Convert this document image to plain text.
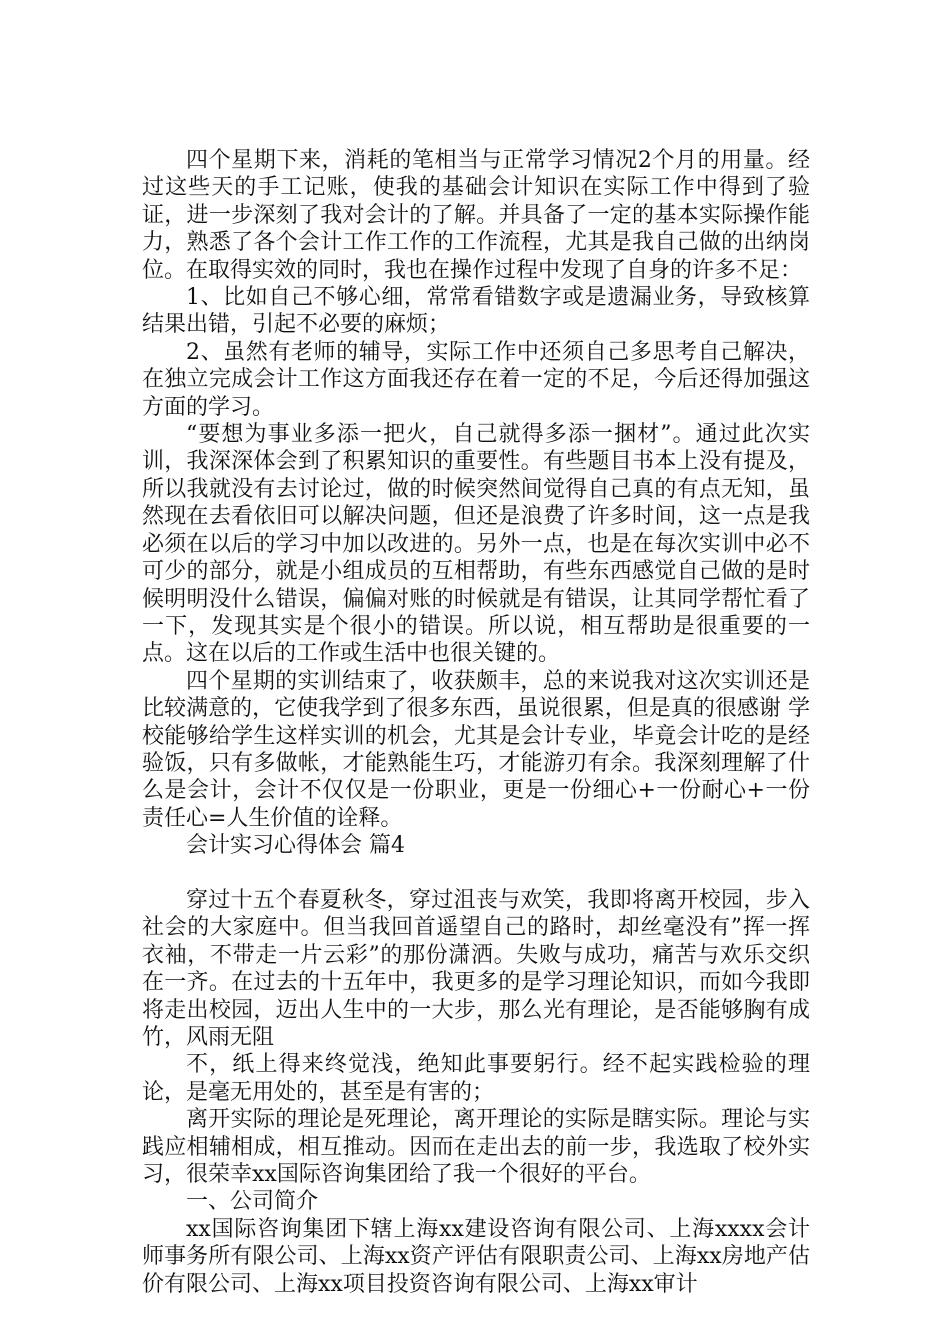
四个星期下来，消耗的笔相当与正常学习情况2个月的用量。经过这些天的手工记账，使我的基础会计知识在实际工作中得到了验证，进一步深刻了我对会计的了解。并具备了一定的基本实际操作能力，熟悉了各个会计工作工作的工作流程，尤其是我自己做的出纳岗位。在取得实效的同时，我也在操作过程中发现了自身的许多不足：

1、比如自己不够心细，常常看错数字或是遗漏业务，导致核算结果出错，引起不必要的麻烦；

2、虽然有老师的辅导，实际工作中还须自己多思考自己解决，在独立完成会计工作这方面我还存在着一定的不足，今后还得加强这方面的学习。

“要想为事业多添一把火，自己就得多添一捆材”。通过此次实训，我深深体会到了积累知识的重要性。有些题目书本上没有提及，所以我就没有去讨论过，做的时候突然间觉得自己真的有点无知，虽然现在去看依旧可以解决问题，但还是浪费了许多时间，这一点是我必须在以后的学习中加以改进的。另外一点，也是在每次实训中必不可少的部分，就是小组成员的互相帮助，有些东西感觉自己做的是时候明明没什么错误，偏偏对账的时候就是有错误，让其同学帮忙看了一下，发现其实是个很小的错误。所以说，相互帮助是很重要的一点。这在以后的工作或生活中也很关键的。

四个星期的实训结束了，收获颇丰，总的来说我对这次实训还是比较满意的，它使我学到了很多东西，虽说很累，但是真的很感谢 学校能够给学生这样实训的机会，尤其是会计专业，毕竟会计吃的是经验饭，只有多做帐，才能熟能生巧，才能游刃有余。我深刻理解了什么是会计，会计不仅仅是一份职业，更是一份细心+一份耐心+一份责任心=人生价值的诠释。

会计实习心得体会 篇4

穿过十五个春夏秋冬，穿过沮丧与欢笑，我即将离开校园，步入社会的大家庭中。但当我回首遥望自己的路时，却丝毫没有”挥一挥衣袖，不带走一片云彩”的那份潇洒。失败与成功，痛苦与欢乐交织在一齐。在过去的十五年中，我更多的是学习理论知识，而如今我即将走出校园，迈出人生中的一大步，那么光有理论，是否能够胸有成竹，风雨无阻

不，纸上得来终觉浅，绝知此事要躬行。经不起实践检验的理论，是毫无用处的，甚至是有害的；

离开实际的理论是死理论，离开理论的实际是瞎实际。理论与实践应相辅相成，相互推动。因而在走出去的前一步，我选取了校外实习，很荣幸xx国际咨询集团给了我一个很好的平台。

一、公司简介

xx国际咨询集团下辖上海xx建设咨询有限公司、上海xxxx会计师事务所有限公司、上海xx资产评估有限职责公司、上海xx房地产估价有限公司、上海xx项目投资咨询有限公司、上海xx审计
